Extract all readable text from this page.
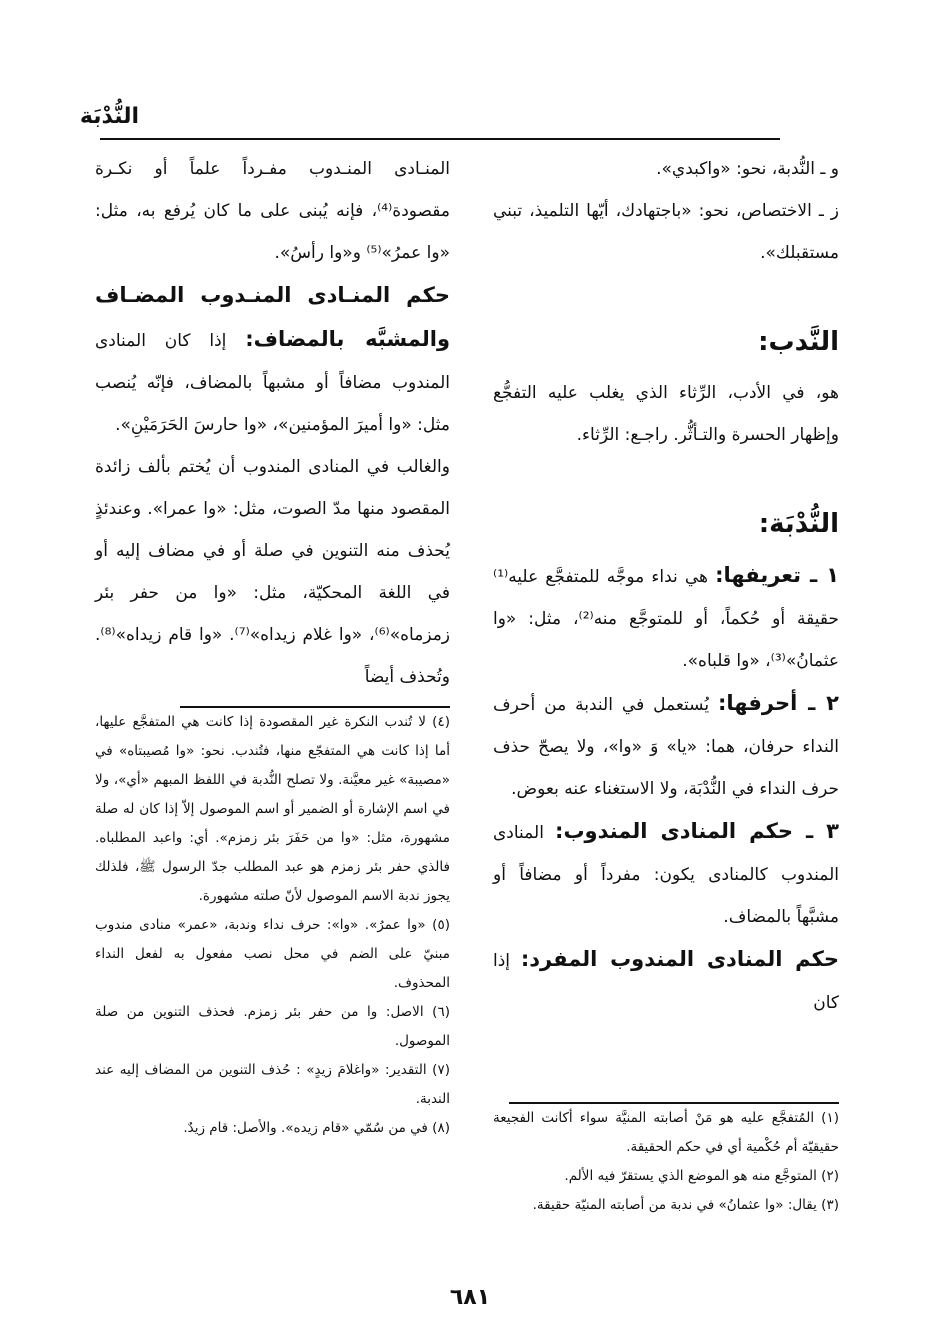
النُّدْبَة

و ـ النُّدبة، نحو: «واكبدي».

ز ـ الاختصاص، نحو: «باجتهادك، أيّها التلميذ، تبني مستقبلك».

النَّدب:

هو، في الأدب، الرِّثاء الذي يغلب عليه التفجُّع وإظهار الحسرة والتـأثُّر. راجـع: الرِّثاء.

النُّدْبَة:

١ ـ تعريفها: هي نداء موجَّه للمتفجَّع عليه⁽¹⁾ حقيقة أو حُكماً، أو للمتوجَّع منه⁽²⁾، مثل: «وا عثمانُ»⁽³⁾، «وا قلباه».

٢ ـ أحرفها: يُستعمل في الندبة من أحرف النداء حرفان، هما: «يا» وَ «وا»، ولا يصحّ حذف حرف النداء في النُّدْبَة، ولا الاستغناء عنه بعوض.

٣ ـ حكم المنادى المندوب: المنادى المندوب كالمنادى يكون: مفرداً أو مضافاً أو مشبَّهاً بالمضاف.

حكم المنادى المندوب المفرد: إذا كان

المنـادى المنـدوب مفـرداً علماً أو نكـرة مقصودة⁽⁴⁾، فإنه يُبنى على ما كان يُرفع به، مثل: «وا عمرُ»⁽⁵⁾ و«وا رأسُ».

حكم المنـادى المنـدوب المضـاف والمشبَّه بالمضاف: إذا كان المنادى المندوب مضافاً أو مشبهاً بالمضاف، فإنّه يُنصب مثل: «وا أميرَ المؤمنين»، «وا حارسَ الحَرَمَيْنِ».

والغالب في المنادى المندوب أن يُختم بألف زائدة المقصود منها مدّ الصوت، مثل: «وا عمرا». وعندئذٍ يُحذف منه التنوين في صلة أو في مضاف إليه أو في اللغة المحكيّة، مثل: «وا من حفر بئر زمزماه»⁽⁶⁾، «وا غلام زيداه»⁽⁷⁾. «وا قام زيداه»⁽⁸⁾. وتُحذف أيضاً

(٤) لا تُندب النكرة غير المقصودة إذا كانت هي المتفجَّع عليها، أما إذا كانت هي المتفجّع منها، فتُندب. نحو: «وا مُصيبتاه» في «مصيبة» غير معيَّنة. ولا تصلح النُّدبة في اللفظ المبهم «أي»، ولا في اسم الإشارة أو الضمير أو اسم الموصول إلاّ إذا كان له صلة مشهورة، مثل: «وا من حَفَرَ بئر زمزم». أي: واعبد المطلباه. فالذي حفر بئر زمزم هو عبد المطلب جدّ الرسول ﷺ، فلذلك يجوز ندبة الاسم الموصول لأنّ صلته مشهورة.

(٥) «وا عمرُ». «وا»: حرف نداء وندبة، «عمر» منادى مندوب مبنيّ على الضم في محل نصب مفعول به لفعل النداء المحذوف.

(٦) الاصل: وا من حفر بئر زمزم. فحذف التنوين من صلة الموصول.

(٧) التقدير: «واغلامَ زيدٍ» : حُذف التنوين من المضاف إليه عند الندبة.

(٨) في من سُمّي «قام زيده». والأصل: قام زيدٌ.

(١) المُتفجَّع عليه هو مَنْ أصابته المنيَّة سواء أكانت الفجيعة حقيقيّة أم حُكْمية أي في حكم الحقيقة.

(٢) المتوجَّع منه هو الموضع الذي يستقرّ فيه الألم.

(٣) يقال: «وا عثمانُ» في ندبة من أصابته المنيّة حقيقة.

٦٨١
